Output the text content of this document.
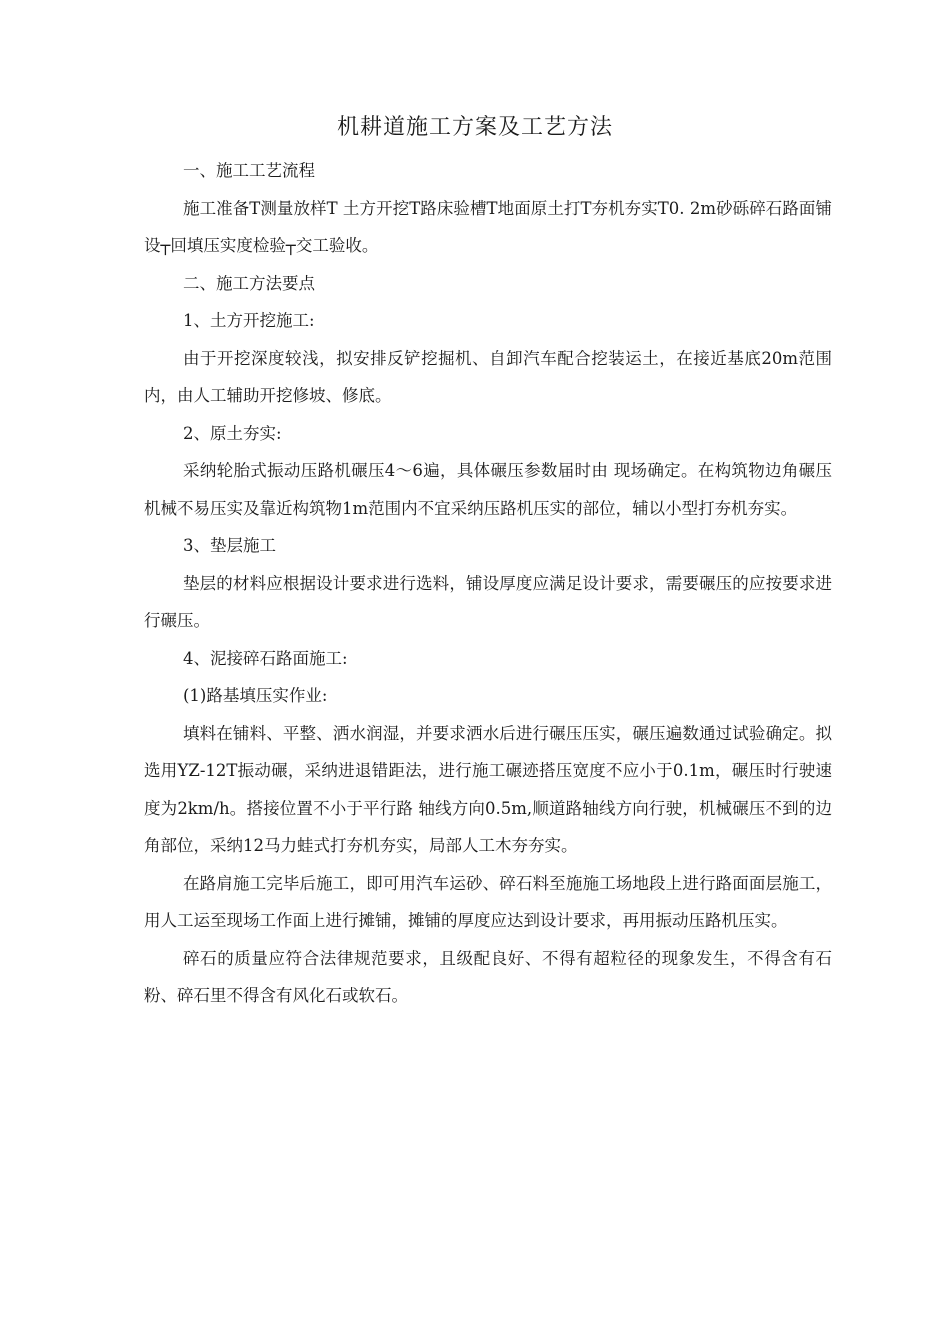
机耕道施工方案及工艺方法

一、施工工艺流程

施工准备T测量放样T 土方开挖T路床验槽T地面原土打T夯机夯实T0. 2m砂砾碎石路面铺设┬回填压实度检验┬交工验收。

二、施工方法要点

1、土方开挖施工:

由于开挖深度较浅，拟安排反铲挖掘机、自卸汽车配合挖装运土，在接近基底20m范围内，由人工辅助开挖修坡、修底。

2、原土夯实:

采纳轮胎式振动压路机碾压4〜6遍，具体碾压参数届时由 现场确定。在构筑物边角碾压机械不易压实及靠近构筑物1m范围内不宜采纳压路机压实的部位，辅以小型打夯机夯实。

3、垫层施工

垫层的材料应根据设计要求进行选料，铺设厚度应满足设计要求，需要碾压的应按要求进行碾压。

4、泥接碎石路面施工:

(1)路基填压实作业:

填料在铺料、平整、洒水润湿，并要求洒水后进行碾压压实，碾压遍数通过试验确定。拟选用YZ-12T振动碾，采纳进退错距法，进行施工碾迹搭压宽度不应小于0.1m，碾压时行驶速度为2km/h。搭接位置不小于平行路 轴线方向0.5m,顺道路轴线方向行驶，机械碾压不到的边角部位，采纳12马力蛙式打夯机夯实，局部人工木夯夯实。

在路肩施工完毕后施工，即可用汽车运砂、碎石料至施施工场地段上进行路面面层施工，用人工运至现场工作面上进行摊铺，摊铺的厚度应达到设计要求，再用振动压路机压实。

碎石的质量应符合法律规范要求，且级配良好、不得有超粒径的现象发生，不得含有石粉、碎石里不得含有风化石或软石。
